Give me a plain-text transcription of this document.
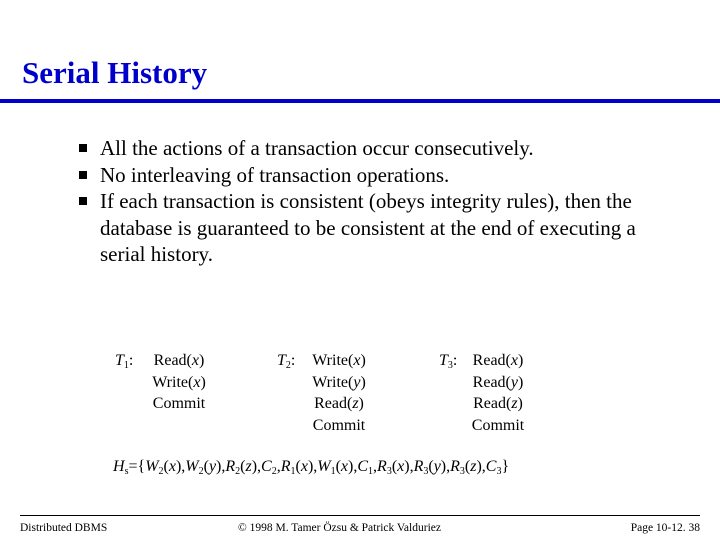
Serial History
All the actions of a transaction occur consecutively.
No interleaving of transaction operations.
If each transaction is consistent (obeys integrity rules), then the database is guaranteed to be consistent at the end of executing a serial history.
$T_1$: Read(x)
Write(x)
Commit
$T_2$:	Write(x)
Write(y)
Read(z)
Commit
$T_3$: Read(x)
Read(y)
Read(z)
Commit
$H_s=\{W_2(x),W_2(y),R_2(z),C_2,R_1(x),W_1(x),C_1,R_3(x),R_3(y),R_3(z),C_3\}$
Distributed DBMS	© 1998 M. Tamer Özsu & Patrick Valduriez	Page 10-12. 38
